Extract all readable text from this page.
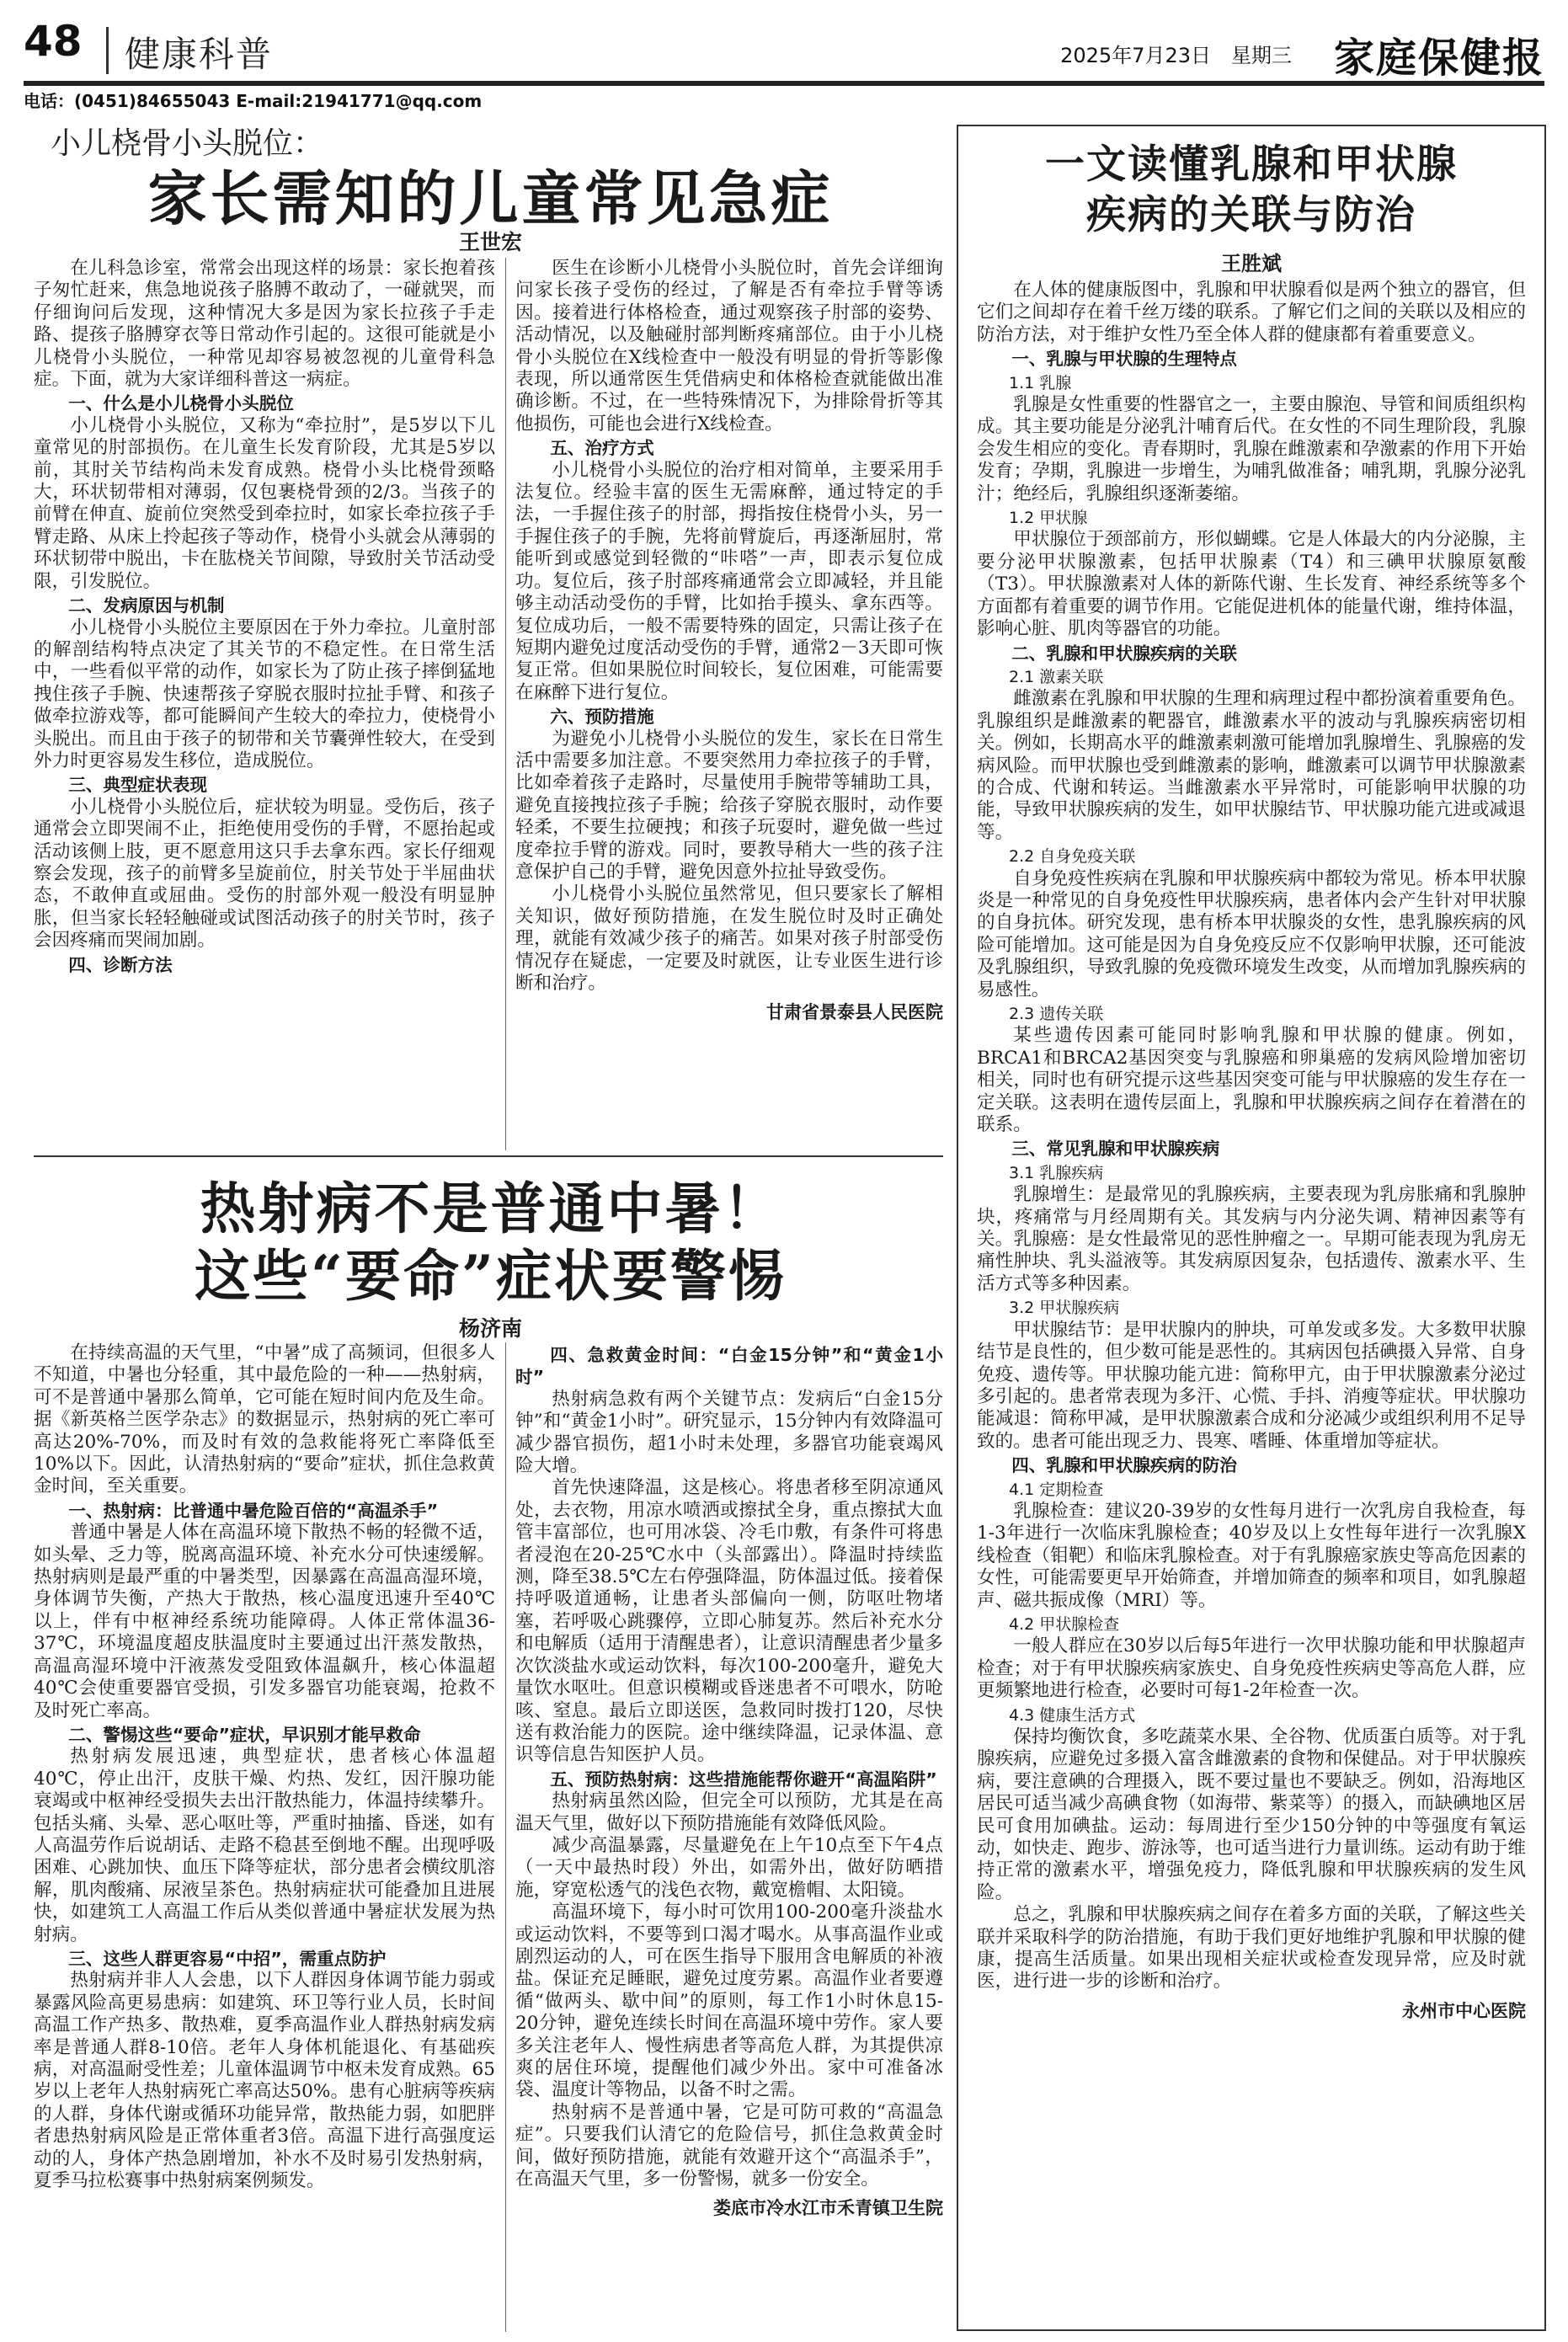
48 健康科普	2025年7月23日　星期三 家庭保健报
电话：(0451)84655043 E-mail:21941771@qq.com
小儿桡骨小头脱位：
家长需知的儿童常见急症
王世宏

在儿科急诊室，常常会出现这样的场景：家长抱着孩子匆忙赶来，焦急地说孩子胳膊不敢动了，一碰就哭，而仔细询问后发现，这种情况大多是因为家长拉孩子手走路、提孩子胳膊穿衣等日常动作引起的。这很可能就是小儿桡骨小头脱位，一种常见却容易被忽视的儿童骨科急症。下面，就为大家详细科普这一病症。

一、什么是小儿桡骨小头脱位

小儿桡骨小头脱位，又称为“牵拉肘”，是5岁以下儿童常见的肘部损伤。在儿童生长发育阶段，尤其是5岁以前，其肘关节结构尚未发育成熟。桡骨小头比桡骨颈略大，环状韧带相对薄弱，仅包裹桡骨颈的2/3。当孩子的前臂在伸直、旋前位突然受到牵拉时，如家长牵拉孩子手臂走路、从床上拎起孩子等动作，桡骨小头就会从薄弱的环状韧带中脱出，卡在肱桡关节间隙，导致肘关节活动受限，引发脱位。

二、发病原因与机制

小儿桡骨小头脱位主要原因在于外力牵拉。儿童肘部的解剖结构特点决定了其关节的不稳定性。在日常生活中，一些看似平常的动作，如家长为了防止孩子摔倒猛地拽住孩子手腕、快速帮孩子穿脱衣服时拉扯手臂、和孩子做牵拉游戏等，都可能瞬间产生较大的牵拉力，使桡骨小头脱出。而且由于孩子的韧带和关节囊弹性较大，在受到外力时更容易发生移位，造成脱位。

三、典型症状表现

小儿桡骨小头脱位后，症状较为明显。受伤后，孩子通常会立即哭闹不止，拒绝使用受伤的手臂，不愿抬起或活动该侧上肢，更不愿意用这只手去拿东西。家长仔细观察会发现，孩子的前臂多呈旋前位，肘关节处于半屈曲状态，不敢伸直或屈曲。受伤的肘部外观一般没有明显肿胀，但当家长轻轻触碰或试图活动孩子的肘关节时，孩子会因疼痛而哭闹加剧。

四、诊断方法

医生在诊断小儿桡骨小头脱位时，首先会详细询问家长孩子受伤的经过，了解是否有牵拉手臂等诱因。接着进行体格检查，通过观察孩子肘部的姿势、活动情况，以及触碰肘部判断疼痛部位。由于小儿桡骨小头脱位在X线检查中一般没有明显的骨折等影像表现，所以通常医生凭借病史和体格检查就能做出准确诊断。不过，在一些特殊情况下，为排除骨折等其他损伤，可能也会进行X线检查。

五、治疗方式

小儿桡骨小头脱位的治疗相对简单，主要采用手法复位。经验丰富的医生无需麻醉，通过特定的手法，一手握住孩子的肘部，拇指按住桡骨小头，另一手握住孩子的手腕，先将前臂旋后，再逐渐屈肘，常能听到或感觉到轻微的“咔嗒”一声，即表示复位成功。复位后，孩子肘部疼痛通常会立即减轻，并且能够主动活动受伤的手臂，比如抬手摸头、拿东西等。复位成功后，一般不需要特殊的固定，只需让孩子在短期内避免过度活动受伤的手臂，通常2－3天即可恢复正常。但如果脱位时间较长，复位困难，可能需要在麻醉下进行复位。

六、预防措施

为避免小儿桡骨小头脱位的发生，家长在日常生活中需要多加注意。不要突然用力牵拉孩子的手臂，比如牵着孩子走路时，尽量使用手腕带等辅助工具，避免直接拽拉孩子手腕；给孩子穿脱衣服时，动作要轻柔，不要生拉硬拽；和孩子玩耍时，避免做一些过度牵拉手臂的游戏。同时，要教导稍大一些的孩子注意保护自己的手臂，避免因意外拉扯导致受伤。

小儿桡骨小头脱位虽然常见，但只要家长了解相关知识，做好预防措施，在发生脱位时及时正确处理，就能有效减少孩子的痛苦。如果对孩子肘部受伤情况存在疑虑，一定要及时就医，让专业医生进行诊断和治疗。

甘肃省景泰县人民医院
热射病不是普通中暑！
这些“要命”症状要警惕
杨济南

在持续高温的天气里，“中暑”成了高频词，但很多人不知道，中暑也分轻重，其中最危险的一种——热射病，可不是普通中暑那么简单，它可能在短时间内危及生命。据《新英格兰医学杂志》的数据显示，热射病的死亡率可高达20%-70%，而及时有效的急救能将死亡率降低至10%以下。因此，认清热射病的“要命”症状，抓住急救黄金时间，至关重要。

一、热射病：比普通中暑危险百倍的“高温杀手”

普通中暑是人体在高温环境下散热不畅的轻微不适，如头晕、乏力等，脱离高温环境、补充水分可快速缓解。热射病则是最严重的中暑类型，因暴露在高温高湿环境，身体调节失衡，产热大于散热，核心温度迅速升至40℃以上，伴有中枢神经系统功能障碍。人体正常体温36-37℃，环境温度超皮肤温度时主要通过出汗蒸发散热，高温高湿环境中汗液蒸发受阻致体温飙升，核心体温超40℃会使重要器官受损，引发多器官功能衰竭，抢救不及时死亡率高。

二、警惕这些“要命”症状，早识别才能早救命

热射病发展迅速，典型症状，患者核心体温超40℃，停止出汗，皮肤干燥、灼热、发红，因汗腺功能衰竭或中枢神经受损失去出汗散热能力，体温持续攀升。包括头痛、头晕、恶心呕吐等，严重时抽搐、昏迷，如有人高温劳作后说胡话、走路不稳甚至倒地不醒。出现呼吸困难、心跳加快、血压下降等症状，部分患者会横纹肌溶解，肌肉酸痛、尿液呈茶色。热射病症状可能叠加且进展快，如建筑工人高温工作后从类似普通中暑症状发展为热射病。

三、这些人群更容易“中招”，需重点防护

热射病并非人人会患，以下人群因身体调节能力弱或暴露风险高更易患病：如建筑、环卫等行业人员，长时间高温工作产热多、散热难，夏季高温作业人群热射病发病率是普通人群8-10倍。老年人身体机能退化、有基础疾病，对高温耐受性差；儿童体温调节中枢未发育成熟。65岁以上老年人热射病死亡率高达50%。患有心脏病等疾病的人群，身体代谢或循环功能异常，散热能力弱，如肥胖者患热射病风险是正常体重者3倍。高温下进行高强度运动的人，身体产热急剧增加，补水不及时易引发热射病，夏季马拉松赛事中热射病案例频发。

四、急救黄金时间：“白金15分钟”和“黄金1小时”

热射病急救有两个关键节点：发病后“白金15分钟”和“黄金1小时”。研究显示，15分钟内有效降温可减少器官损伤，超1小时未处理，多器官功能衰竭风险大增。

首先快速降温，这是核心。将患者移至阴凉通风处，去衣物，用凉水喷洒或擦拭全身，重点擦拭大血管丰富部位，也可用冰袋、冷毛巾敷，有条件可将患者浸泡在20-25℃水中（头部露出）。降温时持续监测，降至38.5℃左右停强降温，防体温过低。接着保持呼吸道通畅，让患者头部偏向一侧，防呕吐物堵塞，若呼吸心跳骤停，立即心肺复苏。然后补充水分和电解质（适用于清醒患者），让意识清醒患者少量多次饮淡盐水或运动饮料，每次100-200毫升，避免大量饮水呕吐。但意识模糊或昏迷患者不可喂水，防呛咳、窒息。最后立即送医，急救同时拨打120，尽快送有救治能力的医院。途中继续降温，记录体温、意识等信息告知医护人员。

五、预防热射病：这些措施能帮你避开“高温陷阱”

热射病虽然凶险，但完全可以预防，尤其是在高温天气里，做好以下预防措施能有效降低风险。

减少高温暴露，尽量避免在上午10点至下午4点（一天中最热时段）外出，如需外出，做好防晒措施，穿宽松透气的浅色衣物，戴宽檐帽、太阳镜。

高温环境下，每小时可饮用100-200毫升淡盐水或运动饮料，不要等到口渴才喝水。从事高温作业或剧烈运动的人，可在医生指导下服用含电解质的补液盐。保证充足睡眠，避免过度劳累。高温作业者要遵循“做两头、歇中间”的原则，每工作1小时休息15-20分钟，避免连续长时间在高温环境中劳作。家人要多关注老年人、慢性病患者等高危人群，为其提供凉爽的居住环境，提醒他们减少外出。家中可准备冰袋、温度计等物品，以备不时之需。

热射病不是普通中暑，它是可防可救的“高温急症”。只要我们认清它的危险信号，抓住急救黄金时间，做好预防措施，就能有效避开这个“高温杀手”，在高温天气里，多一份警惕，就多一份安全。

娄底市冷水江市禾青镇卫生院
一文读懂乳腺和甲状腺
疾病的关联与防治
王胜斌

在人体的健康版图中，乳腺和甲状腺看似是两个独立的器官，但它们之间却存在着千丝万缕的联系。了解它们之间的关联以及相应的防治方法，对于维护女性乃至全体人群的健康都有着重要意义。

一、乳腺与甲状腺的生理特点
1.1 乳腺

乳腺是女性重要的性器官之一，主要由腺泡、导管和间质组织构成。其主要功能是分泌乳汁哺育后代。在女性的不同生理阶段，乳腺会发生相应的变化。青春期时，乳腺在雌激素和孕激素的作用下开始发育；孕期，乳腺进一步增生，为哺乳做准备；哺乳期，乳腺分泌乳汁；绝经后，乳腺组织逐渐萎缩。

1.2 甲状腺

甲状腺位于颈部前方，形似蝴蝶。它是人体最大的内分泌腺，主要分泌甲状腺激素，包括甲状腺素（T4）和三碘甲状腺原氨酸（T3）。甲状腺激素对人体的新陈代谢、生长发育、神经系统等多个方面都有着重要的调节作用。它能促进机体的能量代谢，维持体温，影响心脏、肌肉等器官的功能。

二、乳腺和甲状腺疾病的关联
2.1 激素关联

雌激素在乳腺和甲状腺的生理和病理过程中都扮演着重要角色。乳腺组织是雌激素的靶器官，雌激素水平的波动与乳腺疾病密切相关。例如，长期高水平的雌激素刺激可能增加乳腺增生、乳腺癌的发病风险。而甲状腺也受到雌激素的影响，雌激素可以调节甲状腺激素的合成、代谢和转运。当雌激素水平异常时，可能影响甲状腺的功能，导致甲状腺疾病的发生，如甲状腺结节、甲状腺功能亢进或减退等。

2.2 自身免疫关联

自身免疫性疾病在乳腺和甲状腺疾病中都较为常见。桥本甲状腺炎是一种常见的自身免疫性甲状腺疾病，患者体内会产生针对甲状腺的自身抗体。研究发现，患有桥本甲状腺炎的女性，患乳腺疾病的风险可能增加。这可能是因为自身免疫反应不仅影响甲状腺，还可能波及乳腺组织，导致乳腺的免疫微环境发生改变，从而增加乳腺疾病的易感性。

2.3 遗传关联

某些遗传因素可能同时影响乳腺和甲状腺的健康。例如，BRCA1和BRCA2基因突变与乳腺癌和卵巢癌的发病风险增加密切相关，同时也有研究提示这些基因突变可能与甲状腺癌的发生存在一定关联。这表明在遗传层面上，乳腺和甲状腺疾病之间存在着潜在的联系。

三、常见乳腺和甲状腺疾病
3.1 乳腺疾病

乳腺增生：是最常见的乳腺疾病，主要表现为乳房胀痛和乳腺肿块，疼痛常与月经周期有关。其发病与内分泌失调、精神因素等有关。乳腺癌：是女性最常见的恶性肿瘤之一。早期可能表现为乳房无痛性肿块、乳头溢液等。其发病原因复杂，包括遗传、激素水平、生活方式等多种因素。

3.2 甲状腺疾病

甲状腺结节：是甲状腺内的肿块，可单发或多发。大多数甲状腺结节是良性的，但少数可能是恶性的。其病因包括碘摄入异常、自身免疫、遗传等。甲状腺功能亢进：简称甲亢，由于甲状腺激素分泌过多引起的。患者常表现为多汗、心慌、手抖、消瘦等症状。甲状腺功能减退：简称甲减，是甲状腺激素合成和分泌减少或组织利用不足导致的。患者可能出现乏力、畏寒、嗜睡、体重增加等症状。

四、乳腺和甲状腺疾病的防治
4.1 定期检查

乳腺检查：建议20-39岁的女性每月进行一次乳房自我检查，每1-3年进行一次临床乳腺检查；40岁及以上女性每年进行一次乳腺X线检查（钼靶）和临床乳腺检查。对于有乳腺癌家族史等高危因素的女性，可能需要更早开始筛查，并增加筛查的频率和项目，如乳腺超声、磁共振成像（MRI）等。

4.2 甲状腺检查

一般人群应在30岁以后每5年进行一次甲状腺功能和甲状腺超声检查；对于有甲状腺疾病家族史、自身免疫性疾病史等高危人群，应更频繁地进行检查，必要时可每1-2年检查一次。

4.3 健康生活方式

保持均衡饮食，多吃蔬菜水果、全谷物、优质蛋白质等。对于乳腺疾病，应避免过多摄入富含雌激素的食物和保健品。对于甲状腺疾病，要注意碘的合理摄入，既不要过量也不要缺乏。例如，沿海地区居民可适当减少高碘食物（如海带、紫菜等）的摄入，而缺碘地区居民可食用加碘盐。运动：每周进行至少150分钟的中等强度有氧运动，如快走、跑步、游泳等，也可适当进行力量训练。运动有助于维持正常的激素水平，增强免疫力，降低乳腺和甲状腺疾病的发生风险。

总之，乳腺和甲状腺疾病之间存在着多方面的关联，了解这些关联并采取科学的防治措施，有助于我们更好地维护乳腺和甲状腺的健康，提高生活质量。如果出现相关症状或检查发现异常，应及时就医，进行进一步的诊断和治疗。

永州市中心医院
